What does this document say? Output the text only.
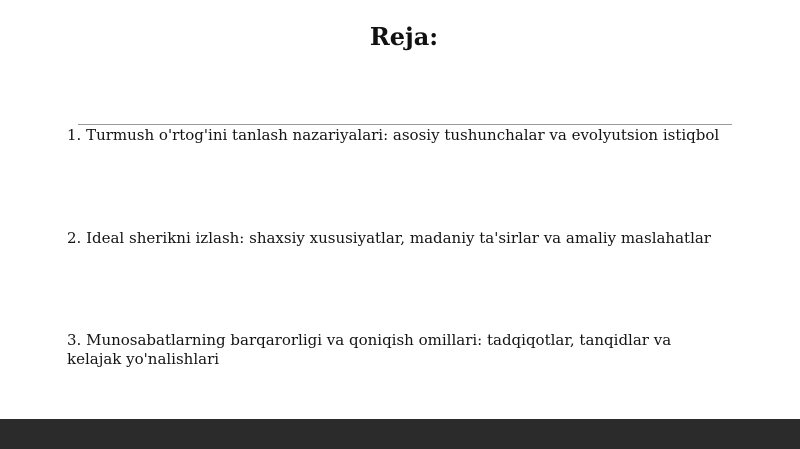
Reja:
1. Turmush o'rtog'ini tanlash nazariyalari: asosiy tushunchalar va evolyutsion istiqbol
2. Ideal sherikni izlash: shaxsiy xususiyatlar, madaniy ta'sirlar va amaliy maslahatlar
3. Munosabatlarning barqarorligi va qoniqish omillari: tadqiqotlar, tanqidlar va kelajak yo'nalishlari
